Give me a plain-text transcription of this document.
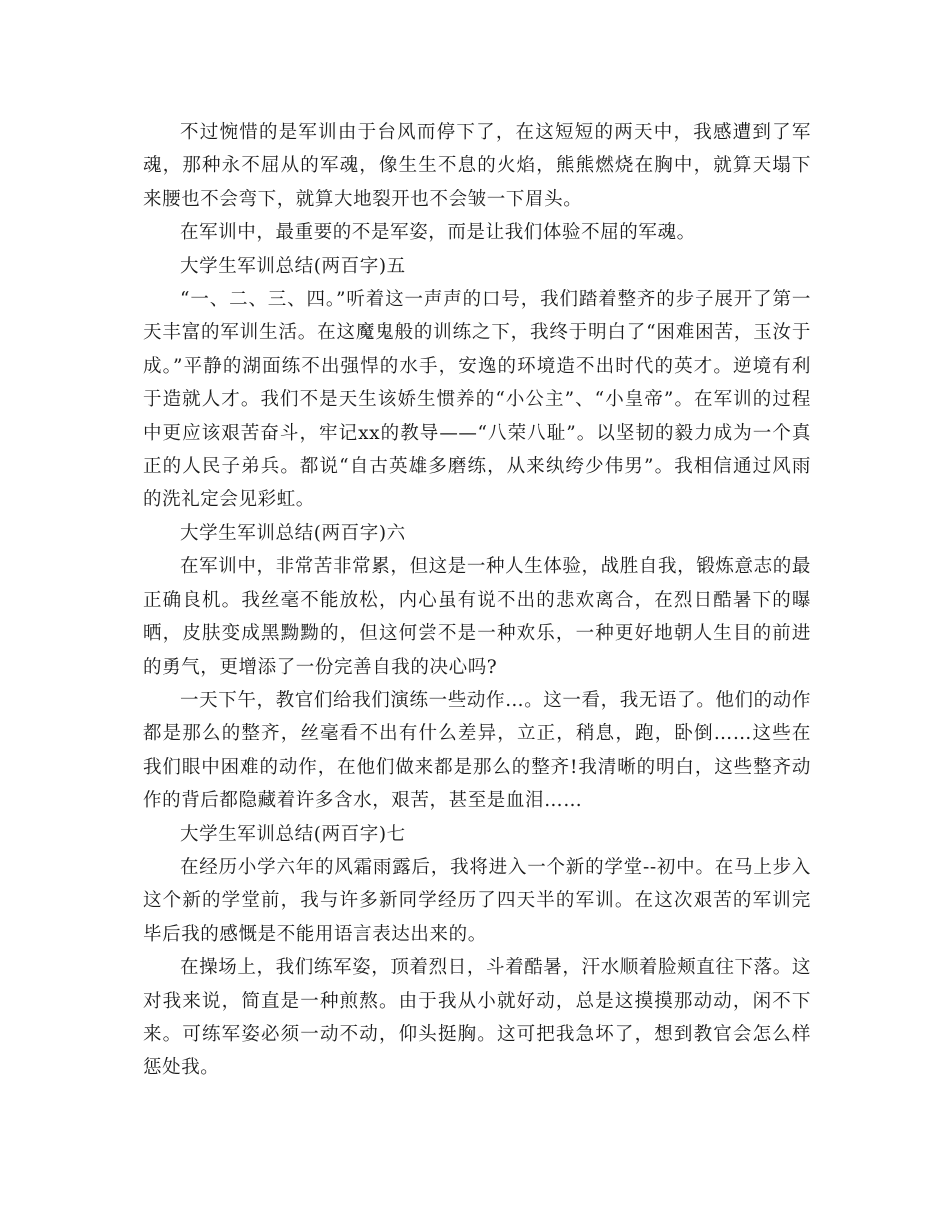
不过惋惜的是军训由于台风而停下了，在这短短的两天中，我感遭到了军魂，那种永不屈从的军魂，像生生不息的火焰，熊熊燃烧在胸中，就算天塌下来腰也不会弯下，就算大地裂开也不会皱一下眉头。

在军训中，最重要的不是军姿，而是让我们体验不屈的军魂。

大学生军训总结(两百字)五

“一、二、三、四。”听着这一声声的口号，我们踏着整齐的步子展开了第一天丰富的军训生活。在这魔鬼般的训练之下，我终于明白了“困难困苦，玉汝于成。”平静的湖面练不出强悍的水手，安逸的环境造不出时代的英才。逆境有利于造就人才。我们不是天生该娇生惯养的“小公主”、“小皇帝”。在军训的过程中更应该艰苦奋斗，牢记xx的教导——“八荣八耻”。以坚韧的毅力成为一个真正的人民子弟兵。都说“自古英雄多磨练，从来纨绔少伟男”。我相信通过风雨的洗礼定会见彩虹。

大学生军训总结(两百字)六

在军训中，非常苦非常累，但这是一种人生体验，战胜自我，锻炼意志的最正确良机。我丝毫不能放松，内心虽有说不出的悲欢离合，在烈日酷暑下的曝晒，皮肤变成黑黝黝的，但这何尝不是一种欢乐，一种更好地朝人生目的前进的勇气，更增添了一份完善自我的决心吗?

一天下午，教官们给我们演练一些动作…。这一看，我无语了。他们的动作都是那么的整齐，丝毫看不出有什么差异，立正，稍息，跑，卧倒……这些在我们眼中困难的动作，在他们做来都是那么的整齐!我清晰的明白，这些整齐动作的背后都隐藏着许多含水，艰苦，甚至是血泪……

大学生军训总结(两百字)七

在经历小学六年的风霜雨露后，我将进入一个新的学堂--初中。在马上步入这个新的学堂前，我与许多新同学经历了四天半的军训。在这次艰苦的军训完毕后我的感慨是不能用语言表达出来的。

在操场上，我们练军姿，顶着烈日，斗着酷暑，汗水顺着脸颊直往下落。这对我来说，简直是一种煎熬。由于我从小就好动，总是这摸摸那动动，闲不下来。可练军姿必须一动不动，仰头挺胸。这可把我急坏了，想到教官会怎么样惩处我。
